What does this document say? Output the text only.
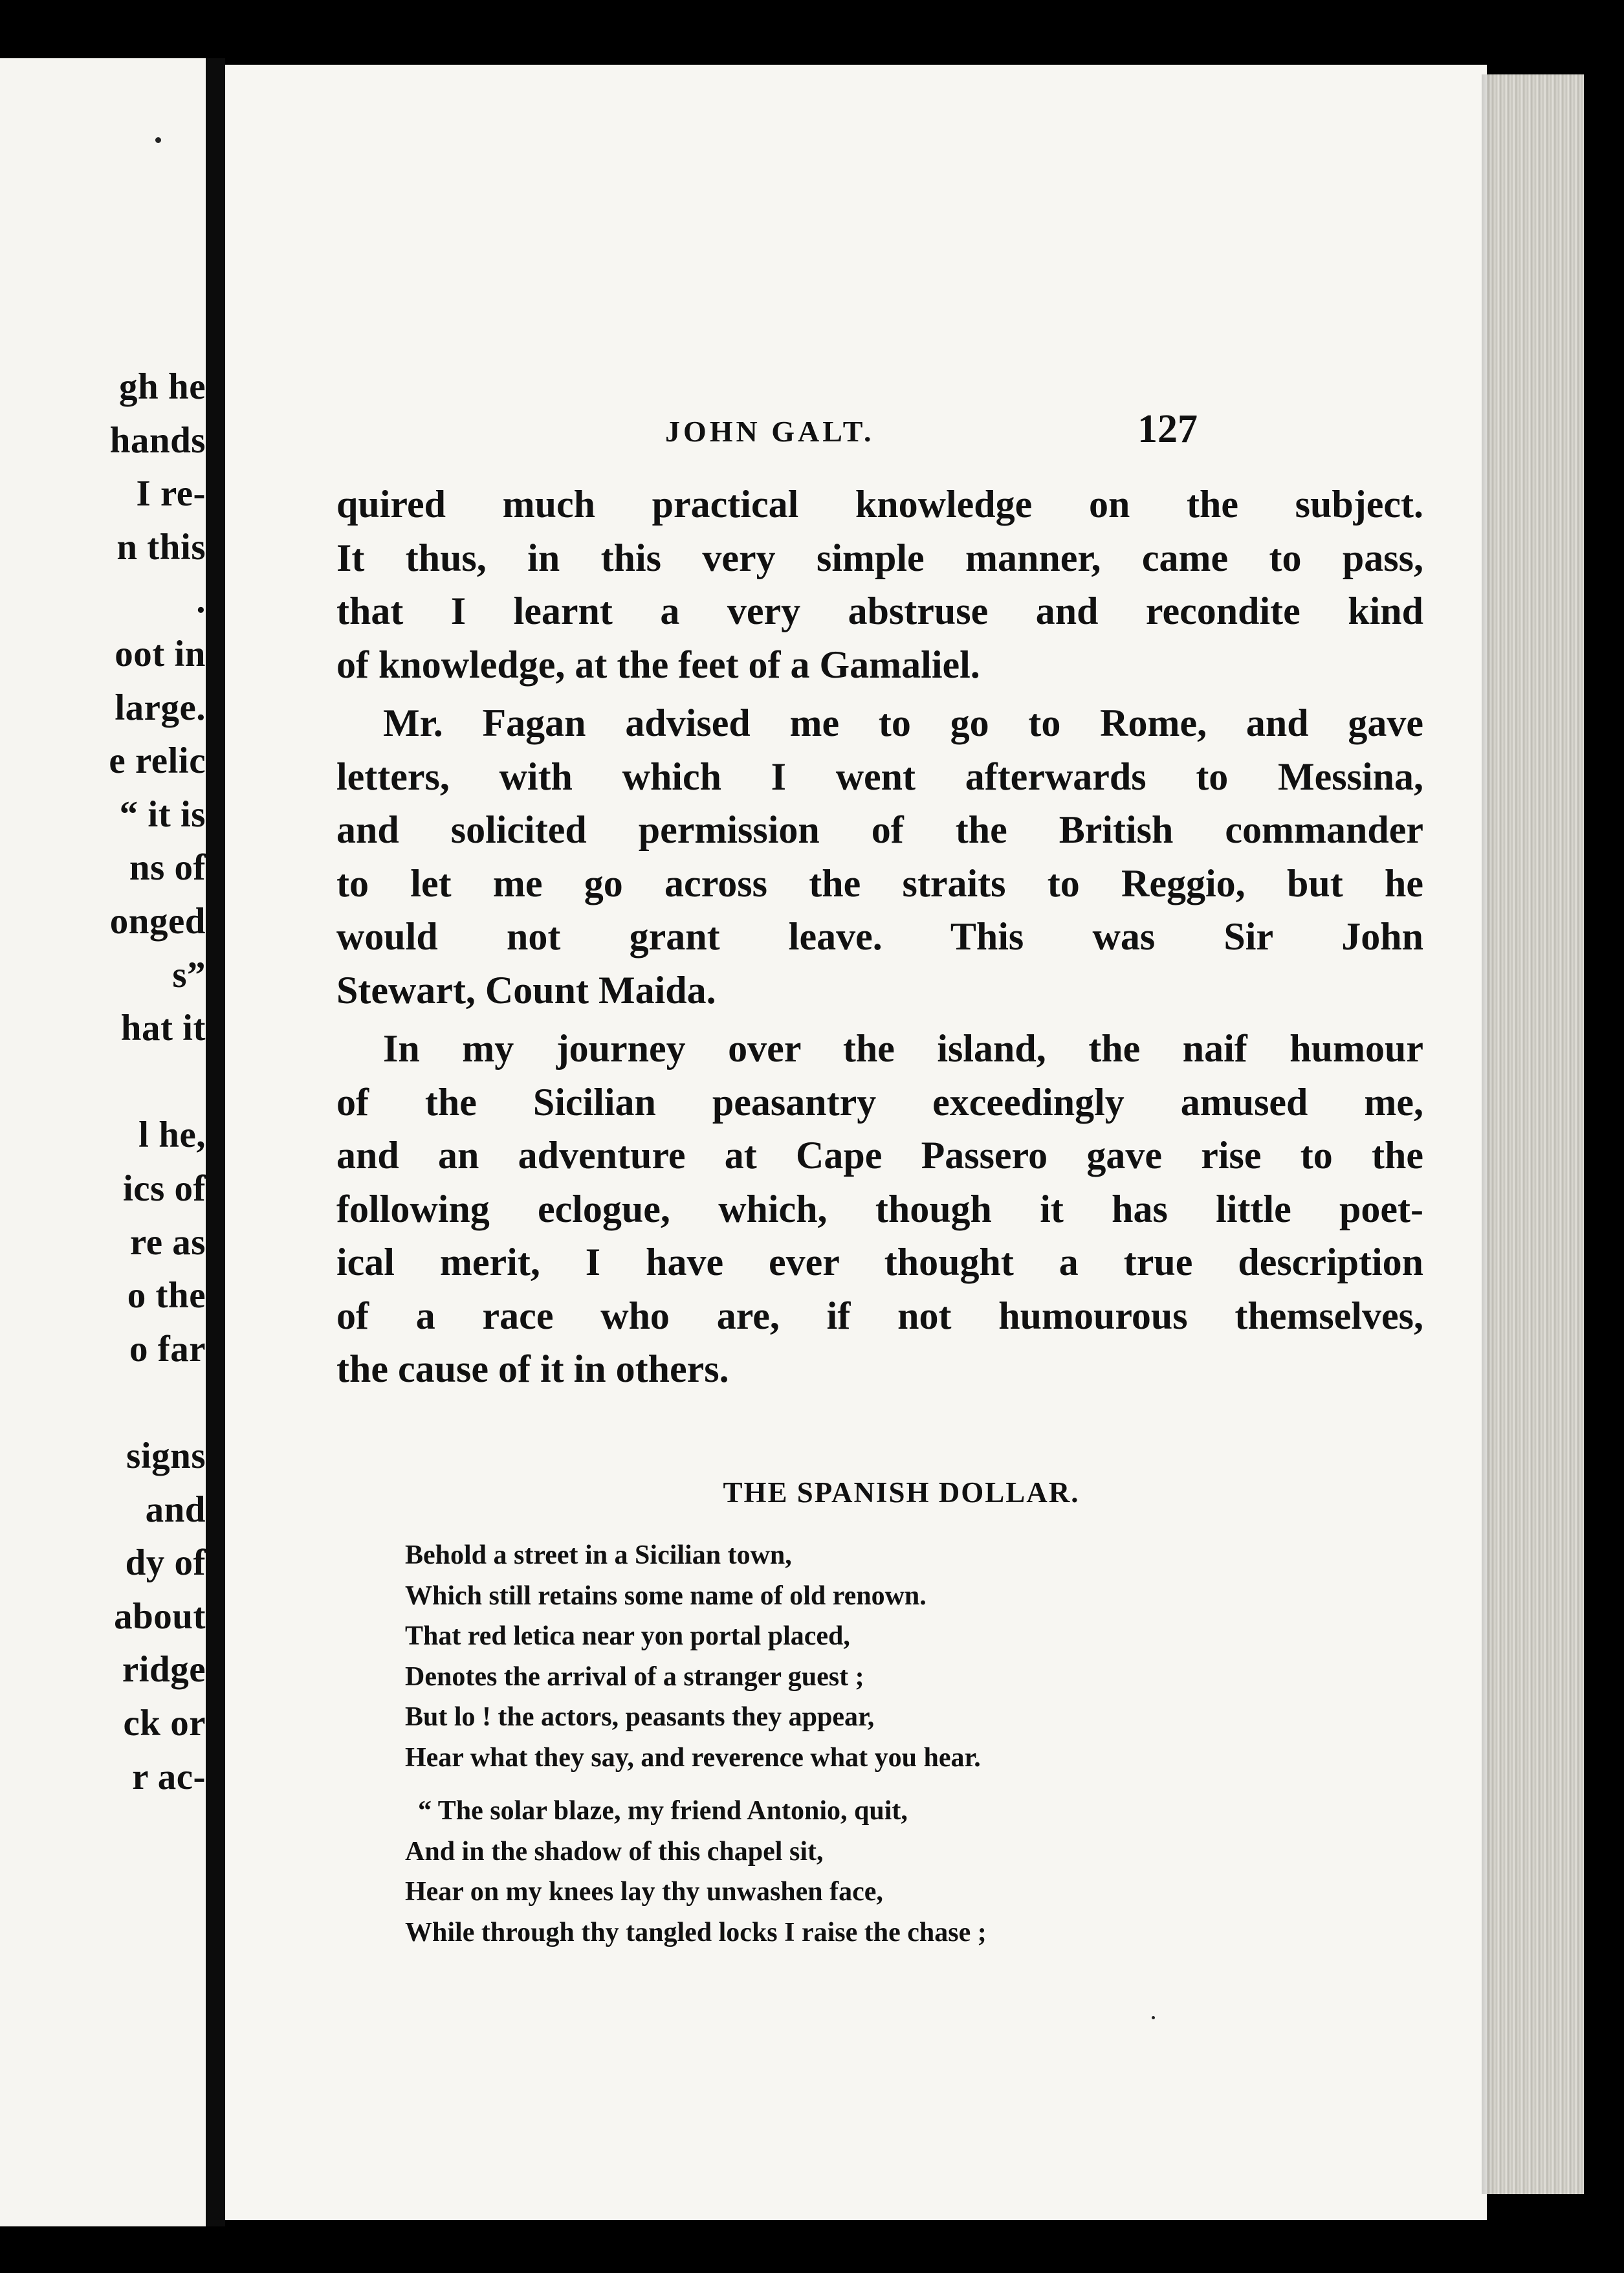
gh he
hands
I re-
n this
.
oot in
large.
e relic
“ it is
ns of
onged
s”
hat it
l he,
ics of
re as
o the
o far
signs
and
dy of
about
ridge
ck or
r ac-
JOHN GALT.	127
quired much practical knowledge on the subject.
It thus, in this very simple manner, came to pass,
that I learnt a very abstruse and recondite kind
of knowledge, at the feet of a Gamaliel.
Mr. Fagan advised me to go to Rome, and gave
letters, with which I went afterwards to Messina,
and solicited permission of the British commander
to let me go across the straits to Reggio, but he
would not grant leave. This was Sir John
Stewart, Count Maida.
In my journey over the island, the naif humour
of the Sicilian peasantry exceedingly amused me,
and an adventure at Cape Passero gave rise to the
following eclogue, which, though it has little poet-
ical merit, I have ever thought a true description
of a race who are, if not humourous themselves,
the cause of it in others.
THE SPANISH DOLLAR.
Behold a street in a Sicilian town,
Which still retains some name of old renown.
That red letica near yon portal placed,
Denotes the arrival of a stranger guest ;
But lo ! the actors, peasants they appear,
Hear what they say, and reverence what you hear.
“ The solar blaze, my friend Antonio, quit,
And in the shadow of this chapel sit,
Hear on my knees lay thy unwashen face,
While through thy tangled locks I raise the chase ;
